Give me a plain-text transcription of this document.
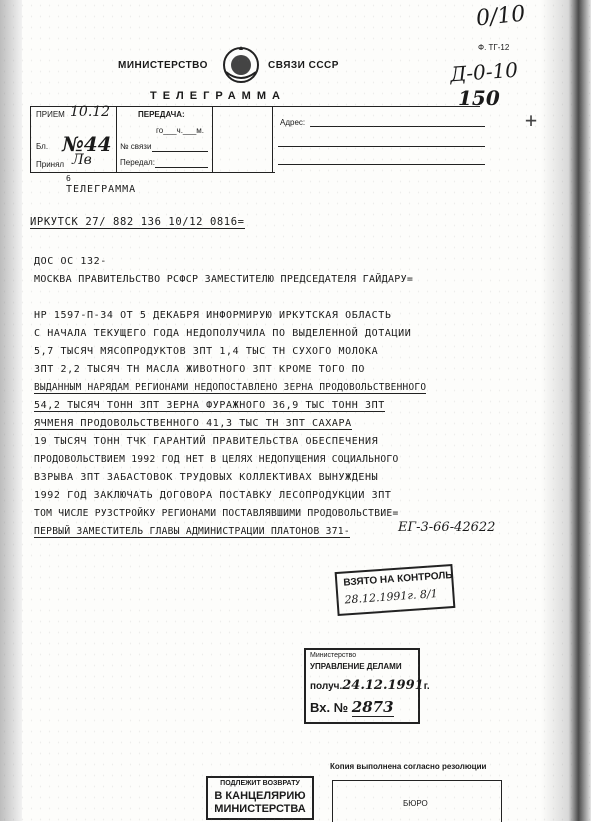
0/10
Ф. ТГ-12
Д-0-10
150
МИНИСТЕРСТВО	СВЯЗИ СССР
ТЕЛЕГРАММА
ПРИЕМ 10.12
Бл. №44
Принял Лв
6
ПЕРЕДАЧА:
го___ч.___м.
№ связи
Передал:
Адрес:	+
ТЕЛЕГРАММА
ИРКУТСК 27/ 882 136 10/12 0816=
ДОС ОС 132-
МОСКВА ПРАВИТЕЛЬСТВО РСФСР ЗАМЕСТИТЕЛЮ ПРЕДСЕДАТЕЛЯ ГАЙДАРУ=
НР 1597-П-34 ОТ 5 ДЕКАБРЯ ИНФОРМИРУЮ ИРКУТСКАЯ ОБЛАСТЬ
С НАЧАЛА ТЕКУЩЕГО ГОДА НЕДОПОЛУЧИЛА ПО ВЫДЕЛЕННОЙ ДОТАЦИИ
5,7 ТЫСЯЧ МЯСОПРОДУКТОВ ЗПТ 1,4 ТЫС ТН СУХОГО МОЛОКА
ЗПТ 2,2 ТЫСЯЧ ТН МАСЛА ЖИВОТНОГО ЗПТ КРОМЕ ТОГО ПО
ВЫДАННЫМ НАРЯДАМ РЕГИОНАМИ НЕДОПОСТАВЛЕНО ЗЕРНА ПРОДОВОЛЬСТВЕННОГО
54,2 ТЫСЯЧ ТОНН ЗПТ ЗЕРНА ФУРАЖНОГО 36,9 ТЫС ТОНН ЗПТ
ЯЧМЕНЯ ПРОДОВОЛЬСТВЕННОГО 41,3 ТЫС ТН ЗПТ САХАРА
19 ТЫСЯЧ ТОНН ТЧК ГАРАНТИЙ ПРАВИТЕЛЬСТВА ОБЕСПЕЧЕНИЯ
ПРОДОВОЛЬСТВИЕМ 1992 ГОД НЕТ В ЦЕЛЯХ НЕДОПУЩЕНИЯ СОЦИАЛЬНОГО
ВЗРЫВА ЗПТ ЗАБАСТОВОК ТРУДОВЫХ КОЛЛЕКТИВАХ ВЫНУЖДЕНЫ
1992 ГОД ЗАКЛЮЧАТЬ ДОГОВОРА ПОСТАВКУ ЛЕСОПРОДУКЦИИ ЗПТ
ТОМ ЧИСЛЕ РУЗСТРОЙКУ РЕГИОНАМИ ПОСТАВЛЯВШИМИ ПРОДОВОЛЬСТВИЕ=
ПЕРВЫЙ ЗАМЕСТИТЕЛЬ ГЛАВЫ АДМИНИСТРАЦИИ ПЛАТОНОВ 371-	ЕГ-3-66-42622
ВЗЯТО НА КОНТРОЛЬ
28.12.1991г. 8/1
Министерство
УПРАВЛЕНИЕ ДЕЛАМИ
получ.24.12.1991г.
Вх. № 2873
ПОДЛЕЖИТ ВОЗВРАТУ
В КАНЦЕЛЯРИЮ
МИНИСТЕРСТВА
Копия выполнена согласно резолюции
БЮРО
